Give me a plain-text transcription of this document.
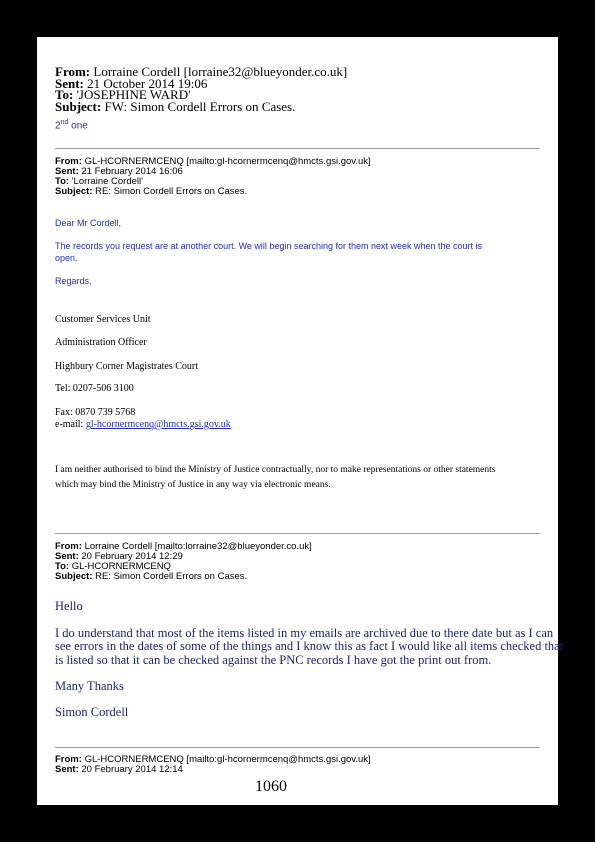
From: Lorraine Cordell [lorraine32@blueyonder.co.uk]
Sent: 21 October 2014 19:06
To: 'JOSEPHINE WARD'
Subject: FW: Simon Cordell Errors on Cases.
2nd one
From: GL-HCORNERMCENQ [mailto:gl-hcornermcenq@hmcts.gsi.gov.uk]
Sent: 21 February 2014 16:06
To: 'Lorraine Cordell'
Subject: RE: Simon Cordell Errors on Cases.
Dear Mr Cordell,
The records you request are at another court. We will begin searching for them next week when the court is
open.
Regards,
Customer Services Unit
Administration Officer
Highbury Corner Magistrates Court
Tel: 0207-506 3100
Fax: 0870 739 5768
e-mail: gl-hcornermcenq@hmcts.gsi.gov.uk
I am neither authorised to bind the Ministry of Justice contractually, nor to make representations or other statements
which may bind the Ministry of Justice in any way via electronic means.
From: Lorraine Cordell [mailto:lorraine32@blueyonder.co.uk]
Sent: 20 February 2014 12:29
To: GL-HCORNERMCENQ
Subject: RE: Simon Cordell Errors on Cases.
Hello
I do understand that most of the items listed in my emails are archived due to there date but as I can
see errors in the dates of some of the things and I know this as fact I would like all items checked that
is listed so that it can be checked against the PNC records I have got the print out from.
Many Thanks
Simon Cordell
From: GL-HCORNERMCENQ [mailto:gl-hcornermcenq@hmcts.gsi.gov.uk]
Sent: 20 February 2014 12:14
1060
